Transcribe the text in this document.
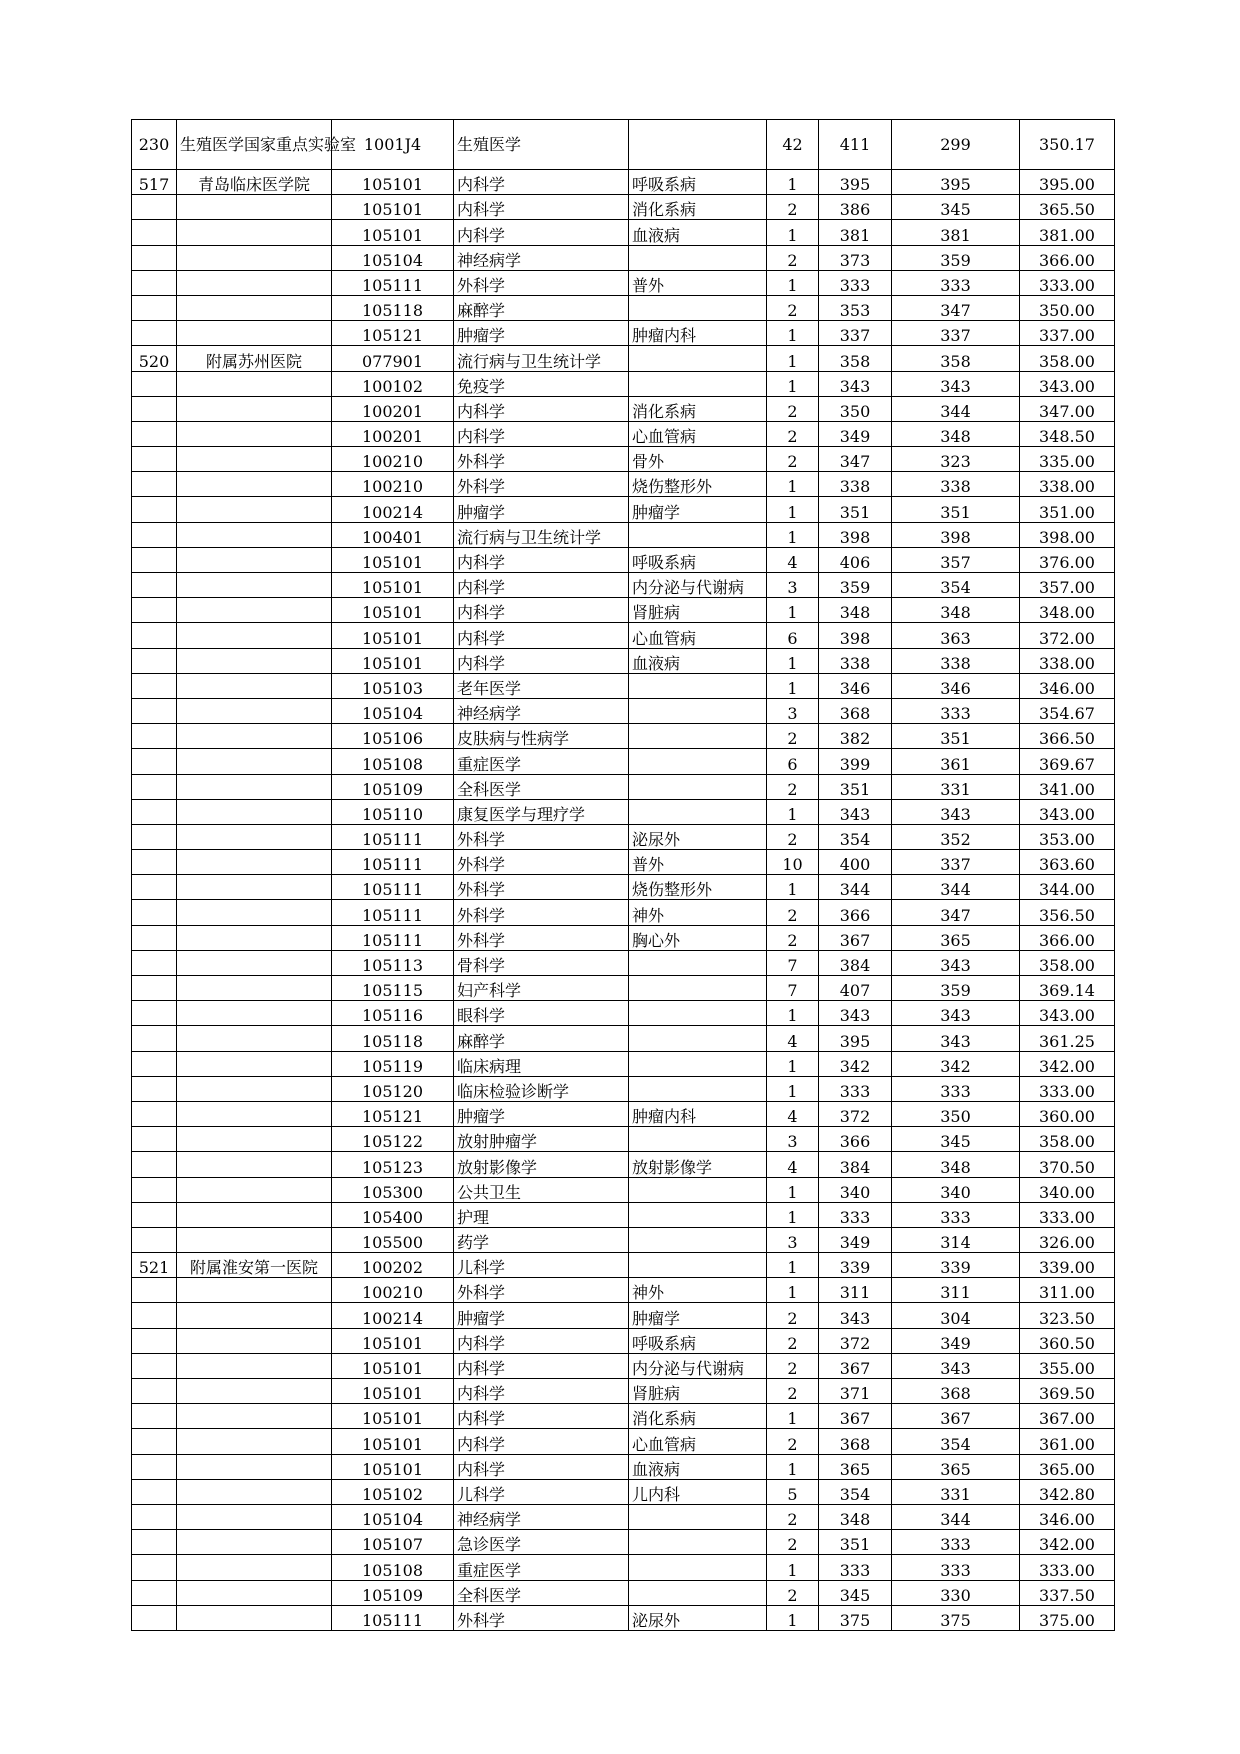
230	生殖医学国家重点实验室	1001J4	生殖医学		42	411	299	350.17
517	青岛临床医学院	105101	内科学	呼吸系病	1	395	395	395.00
		105101	内科学	消化系病	2	386	345	365.50
		105101	内科学	血液病	1	381	381	381.00
		105104	神经病学		2	373	359	366.00
		105111	外科学	普外	1	333	333	333.00
		105118	麻醉学		2	353	347	350.00
		105121	肿瘤学	肿瘤内科	1	337	337	337.00
520	附属苏州医院	077901	流行病与卫生统计学		1	358	358	358.00
		100102	免疫学		1	343	343	343.00
		100201	内科学	消化系病	2	350	344	347.00
		100201	内科学	心血管病	2	349	348	348.50
		100210	外科学	骨外	2	347	323	335.00
		100210	外科学	烧伤整形外	1	338	338	338.00
		100214	肿瘤学	肿瘤学	1	351	351	351.00
		100401	流行病与卫生统计学		1	398	398	398.00
		105101	内科学	呼吸系病	4	406	357	376.00
		105101	内科学	内分泌与代谢病	3	359	354	357.00
		105101	内科学	肾脏病	1	348	348	348.00
		105101	内科学	心血管病	6	398	363	372.00
		105101	内科学	血液病	1	338	338	338.00
		105103	老年医学		1	346	346	346.00
		105104	神经病学		3	368	333	354.67
		105106	皮肤病与性病学		2	382	351	366.50
		105108	重症医学		6	399	361	369.67
		105109	全科医学		2	351	331	341.00
		105110	康复医学与理疗学		1	343	343	343.00
		105111	外科学	泌尿外	2	354	352	353.00
		105111	外科学	普外	10	400	337	363.60
		105111	外科学	烧伤整形外	1	344	344	344.00
		105111	外科学	神外	2	366	347	356.50
		105111	外科学	胸心外	2	367	365	366.00
		105113	骨科学		7	384	343	358.00
		105115	妇产科学		7	407	359	369.14
		105116	眼科学		1	343	343	343.00
		105118	麻醉学		4	395	343	361.25
		105119	临床病理		1	342	342	342.00
		105120	临床检验诊断学		1	333	333	333.00
		105121	肿瘤学	肿瘤内科	4	372	350	360.00
		105122	放射肿瘤学		3	366	345	358.00
		105123	放射影像学	放射影像学	4	384	348	370.50
		105300	公共卫生		1	340	340	340.00
		105400	护理		1	333	333	333.00
		105500	药学		3	349	314	326.00
521	附属淮安第一医院	100202	儿科学		1	339	339	339.00
		100210	外科学	神外	1	311	311	311.00
		100214	肿瘤学	肿瘤学	2	343	304	323.50
		105101	内科学	呼吸系病	2	372	349	360.50
		105101	内科学	内分泌与代谢病	2	367	343	355.00
		105101	内科学	肾脏病	2	371	368	369.50
		105101	内科学	消化系病	1	367	367	367.00
		105101	内科学	心血管病	2	368	354	361.00
		105101	内科学	血液病	1	365	365	365.00
		105102	儿科学	儿内科	5	354	331	342.80
		105104	神经病学		2	348	344	346.00
		105107	急诊医学		2	351	333	342.00
		105108	重症医学		1	333	333	333.00
		105109	全科医学		2	345	330	337.50
		105111	外科学	泌尿外	1	375	375	375.00
